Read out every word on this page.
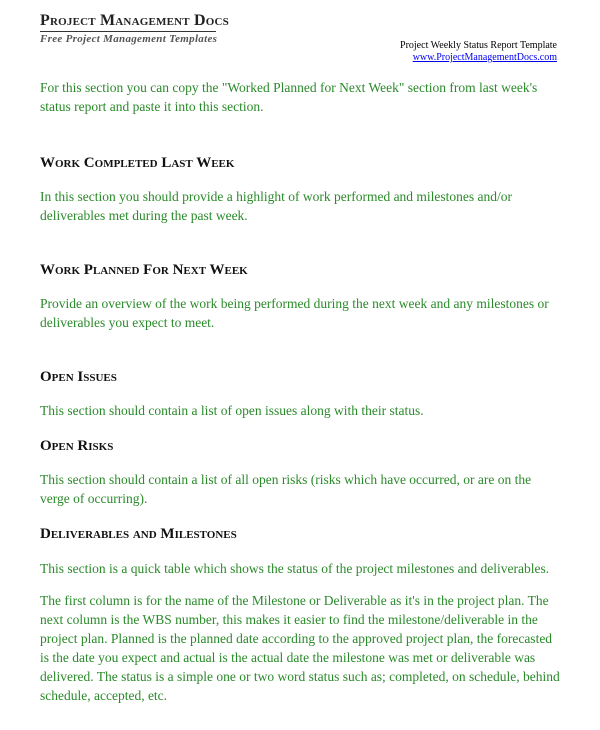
Project Management Docs
Free Project Management Templates
Project Weekly Status Report Template
www.ProjectManagementDocs.com

For this section you can copy the "Worked Planned for Next Week" section from last week's status report and paste it into this section.

Work Completed Last Week

In this section you should provide a highlight of work performed and milestones and/or deliverables met during the past week.

Work Planned For Next Week

Provide an overview of the work being performed during the next week and any milestones or deliverables you expect to meet.

Open Issues

This section should contain a list of open issues along with their status.

Open Risks

This section should contain a list of all open risks (risks which have occurred, or are on the verge of occurring).

Deliverables and Milestones

This section is a quick table which shows the status of the project milestones and deliverables.

The first column is for the name of the Milestone or Deliverable as it's in the project plan. The next column is the WBS number, this makes it easier to find the milestone/deliverable in the project plan. Planned is the planned date according to the approved project plan, the forecasted is the date you expect and actual is the actual date the milestone was met or deliverable was delivered. The status is a simple one or two word status such as; completed, on schedule, behind schedule, accepted, etc.
